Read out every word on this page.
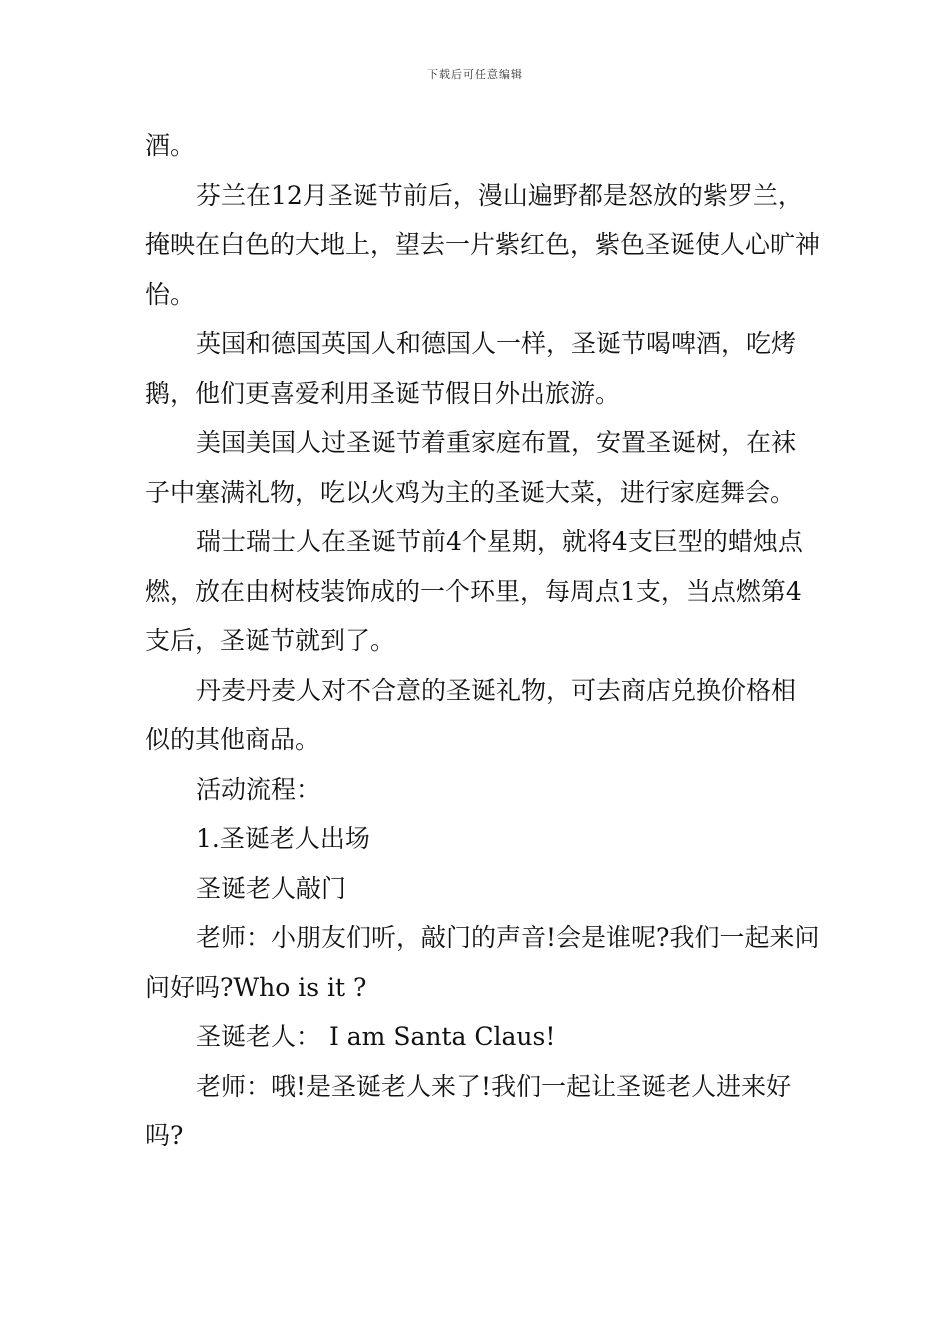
下载后可任意编辑

酒。

芬兰在12月圣诞节前后，漫山遍野都是怒放的紫罗兰，掩映在白色的大地上，望去一片紫红色，紫色圣诞使人心旷神怡。

英国和德国英国人和德国人一样，圣诞节喝啤酒，吃烤鹅，他们更喜爱利用圣诞节假日外出旅游。

美国美国人过圣诞节着重家庭布置，安置圣诞树，在袜子中塞满礼物，吃以火鸡为主的圣诞大菜，进行家庭舞会。

瑞士瑞士人在圣诞节前4个星期，就将4支巨型的蜡烛点燃，放在由树枝装饰成的一个环里，每周点1支，当点燃第4支后，圣诞节就到了。

丹麦丹麦人对不合意的圣诞礼物，可去商店兑换价格相似的其他商品。

活动流程：

1.圣诞老人出场

圣诞老人敲门

老师：小朋友们听，敲门的声音!会是谁呢?我们一起来问问好吗?Who is it ?

圣诞老人： I am Santa Claus!

老师：哦!是圣诞老人来了!我们一起让圣诞老人进来好吗?
